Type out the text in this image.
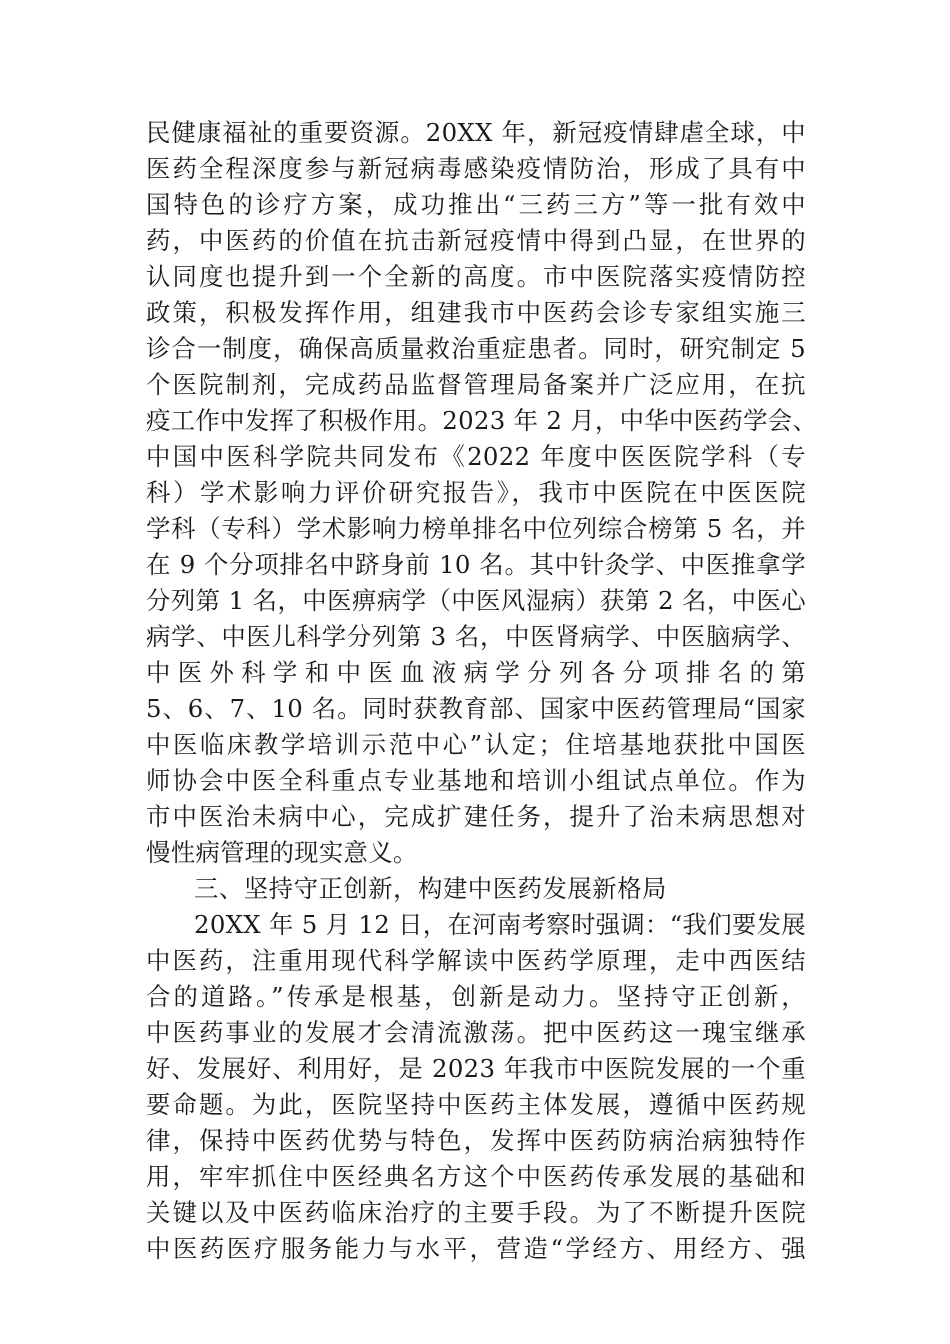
民健康福祉的重要资源。20XX 年，新冠疫情肆虐全球，中
医药全程深度参与新冠病毒感染疫情防治，形成了具有中
国特色的诊疗方案，成功推出“三药三方”等一批有效中
药，中医药的价值在抗击新冠疫情中得到凸显，在世界的
认同度也提升到一个全新的高度。市中医院落实疫情防控
政策，积极发挥作用，组建我市中医药会诊专家组实施三
诊合一制度，确保高质量救治重症患者。同时，研究制定 5
个医院制剂，完成药品监督管理局备案并广泛应用，在抗
疫工作中发挥了积极作用。2023 年 2 月，中华中医药学会、
中国中医科学院共同发布《2022 年度中医医院学科（专
科）学术影响力评价研究报告》，我市中医院在中医医院
学科（专科）学术影响力榜单排名中位列综合榜第 5 名，并
在 9 个分项排名中跻身前 10 名。其中针灸学、中医推拿学
分列第 1 名，中医痹病学（中医风湿病）获第 2 名，中医心
病学、中医儿科学分列第 3 名，中医肾病学、中医脑病学、
中医外科学和中医血液病学分列各分项排名的第
5、6、7、10 名。同时获教育部、国家中医药管理局“国家
中医临床教学培训示范中心”认定；住培基地获批中国医
师协会中医全科重点专业基地和培训小组试点单位。作为
市中医治未病中心，完成扩建任务，提升了治未病思想对
慢性病管理的现实意义。
三、坚持守正创新，构建中医药发展新格局
20XX 年 5 月 12 日，在河南考察时强调：“我们要发展
中医药，注重用现代科学解读中医药学原理，走中西医结
合的道路。”传承是根基，创新是动力。坚持守正创新，
中医药事业的发展才会清流激荡。把中医药这一瑰宝继承
好、发展好、利用好，是 2023 年我市中医院发展的一个重
要命题。为此，医院坚持中医药主体发展，遵循中医药规
律，保持中医药优势与特色，发挥中医药防病治病独特作
用，牢牢抓住中医经典名方这个中医药传承发展的基础和
关键以及中医药临床治疗的主要手段。为了不断提升医院
中医药医疗服务能力与水平，营造“学经方、用经方、强
